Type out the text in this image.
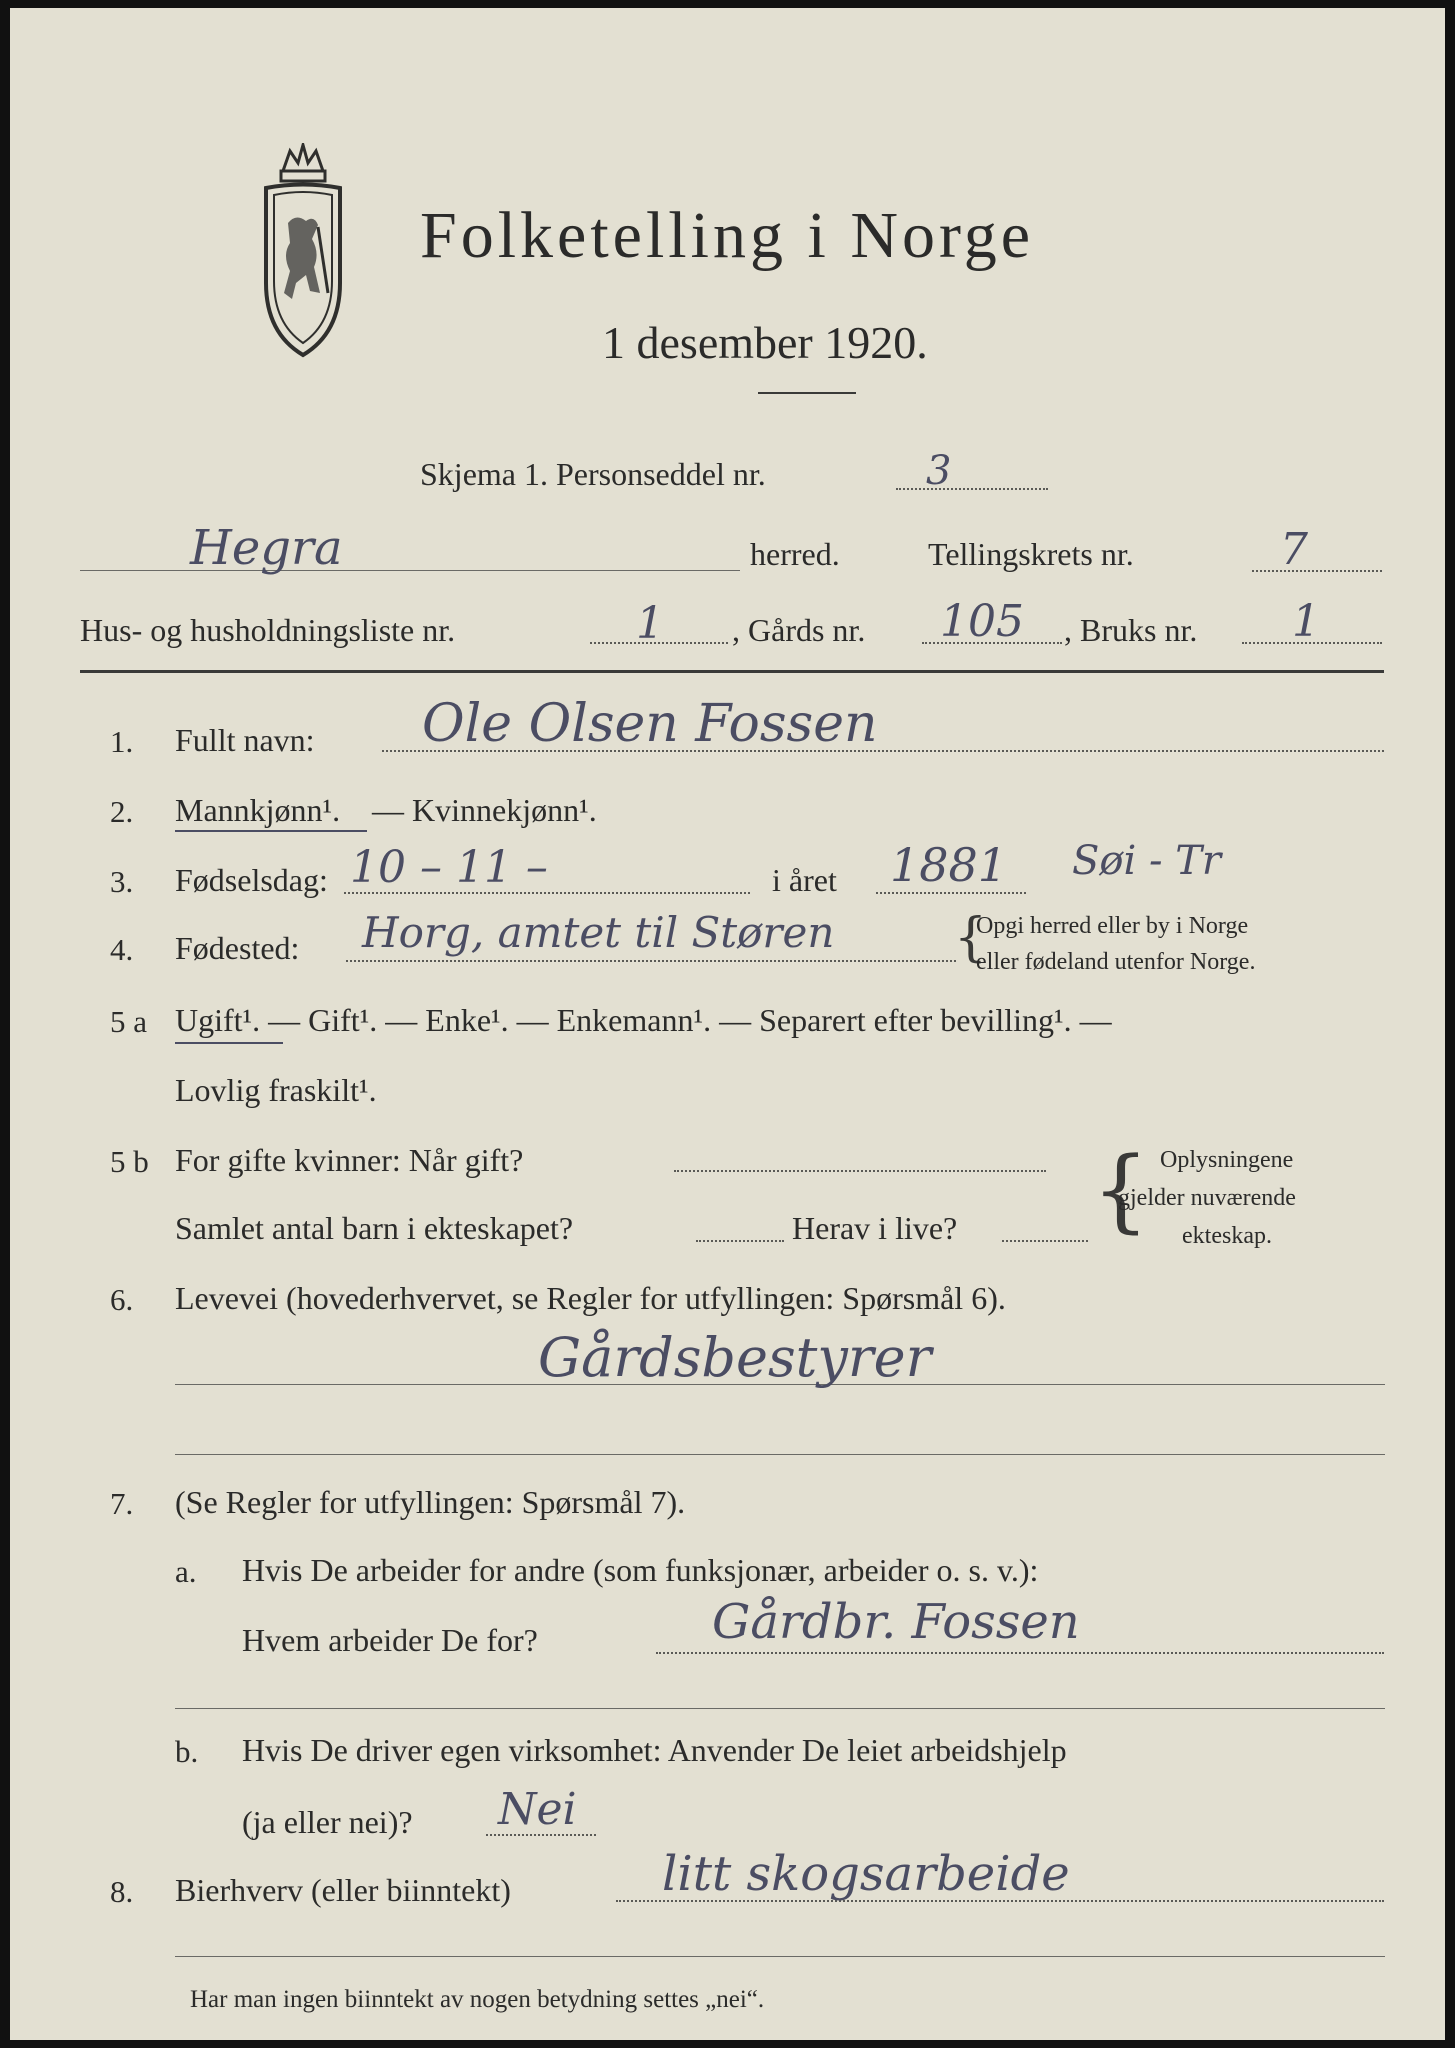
Folketelling i Norge
1 desember 1920.
Skjema 1. Personseddel nr.	3
Hegra	herred.	Tellingskrets nr.	7
Hus- og husholdningsliste nr.	1 , Gårds nr. 105 , Bruks nr. 1
1. Fullt navn: Ole Olsen Fossen
2. Mannkjønn¹. — Kvinnekjønn¹.
3. Fødselsdag: 10 – 11 –	i året 1881 Søi - Tr
4. Fødested: Horg, amtet til Støren {
Opgi herred eller by i Norge
eller fødeland utenfor Norge.
5 a Ugift¹. — Gift¹. — Enke¹. — Enkemann¹. — Separert efter bevilling¹. —
Lovlig fraskilt¹.
5 b For gifte kvinner: Når gift?
Samlet antal barn i ekteskapet?	Herav i live? { Oplysningene
gjelder nuværende
ekteskap.
6. Levevei (hovederhvervet, se Regler for utfyllingen: Spørsmål 6).
Gårdsbestyrer
7. (Se Regler for utfyllingen: Spørsmål 7).
a. Hvis De arbeider for andre (som funksjonær, arbeider o. s. v.):
Hvem arbeider De for?	Gårdbr. Fossen
b. Hvis De driver egen virksomhet: Anvender De leiet arbeidshjelp
(ja eller nei)? Nei
8. Bierhverv (eller biinntekt)	litt skogsarbeide
Har man ingen biinntekt av nogen betydning settes „nei“.
